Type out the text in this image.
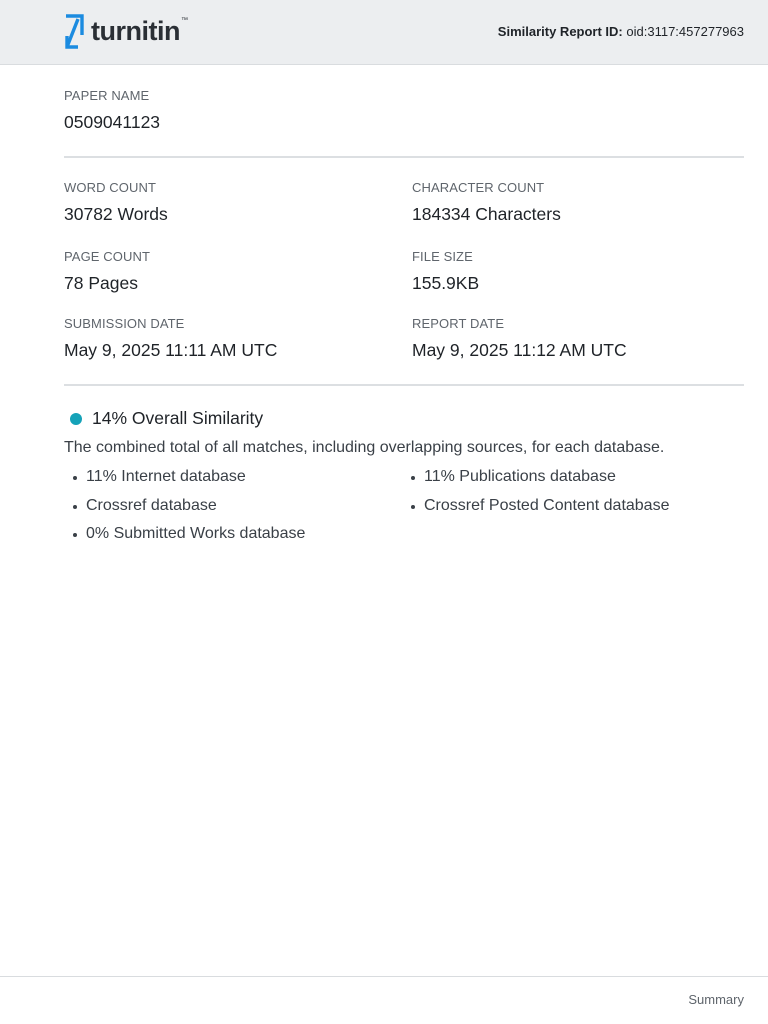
turnitin ™
Similarity Report ID: oid:3117:457277963
PAPER NAME
0509041123
WORD COUNT
30782 Words
CHARACTER COUNT
184334 Characters
PAGE COUNT
78 Pages
FILE SIZE
155.9KB
SUBMISSION DATE
May 9, 2025 11:11 AM UTC
REPORT DATE
May 9, 2025 11:12 AM UTC
14% Overall Similarity
The combined total of all matches, including overlapping sources, for each database.
11% Internet database
Crossref database
0% Submitted Works database
11% Publications database
Crossref Posted Content database
Summary
